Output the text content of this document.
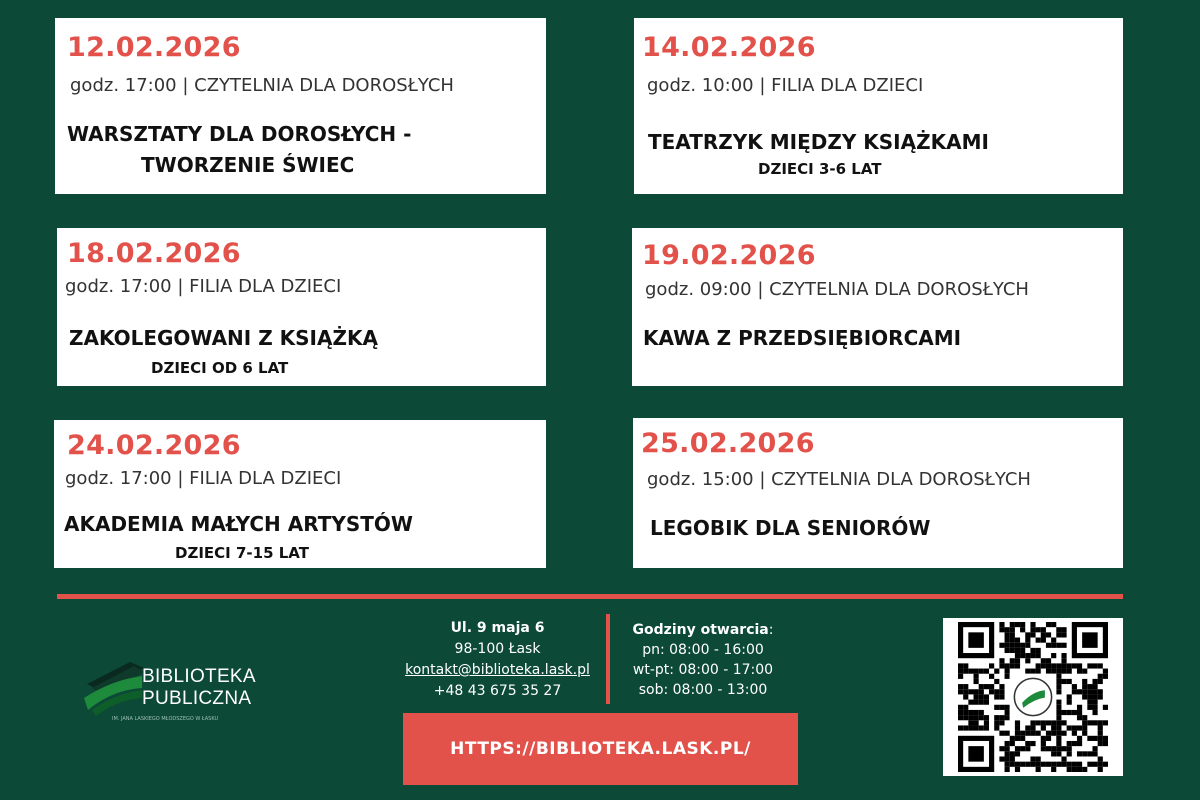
12.02.2026
godz. 17:00 | CZYTELNIA DLA DOROSŁYCH
WARSZTATY DLA DOROSŁYCH -
TWORZENIE ŚWIEC
14.02.2026
godz. 10:00 | FILIA DLA DZIECI
TEATRZYK MIĘDZY KSIĄŻKAMI
DZIECI 3-6 LAT
18.02.2026
godz. 17:00 | FILIA DLA DZIECI
ZAKOLEGOWANI Z KSIĄŻKĄ
DZIECI OD 6 LAT
19.02.2026
godz. 09:00 | CZYTELNIA DLA DOROSŁYCH
KAWA Z PRZEDSIĘBIORCAMI
24.02.2026
godz. 17:00 | FILIA DLA DZIECI
AKADEMIA MAŁYCH ARTYSTÓW
DZIECI 7-15 LAT
25.02.2026
godz. 15:00 | CZYTELNIA DLA DOROSŁYCH
LEGOBIK DLA SENIORÓW
BIBLIOTEKA
PUBLICZNA
IM. JANA LASKIEGO MŁODSZEGO W ŁASKU
Ul. 9 maja 6
98-100 Łask
kontakt@biblioteka.lask.pl
+48 43 675 35 27
Godziny otwarcia:
pn: 08:00 - 16:00
wt-pt: 08:00 - 17:00
sob: 08:00 - 13:00
HTTPS://BIBLIOTEKA.LASK.PL/
